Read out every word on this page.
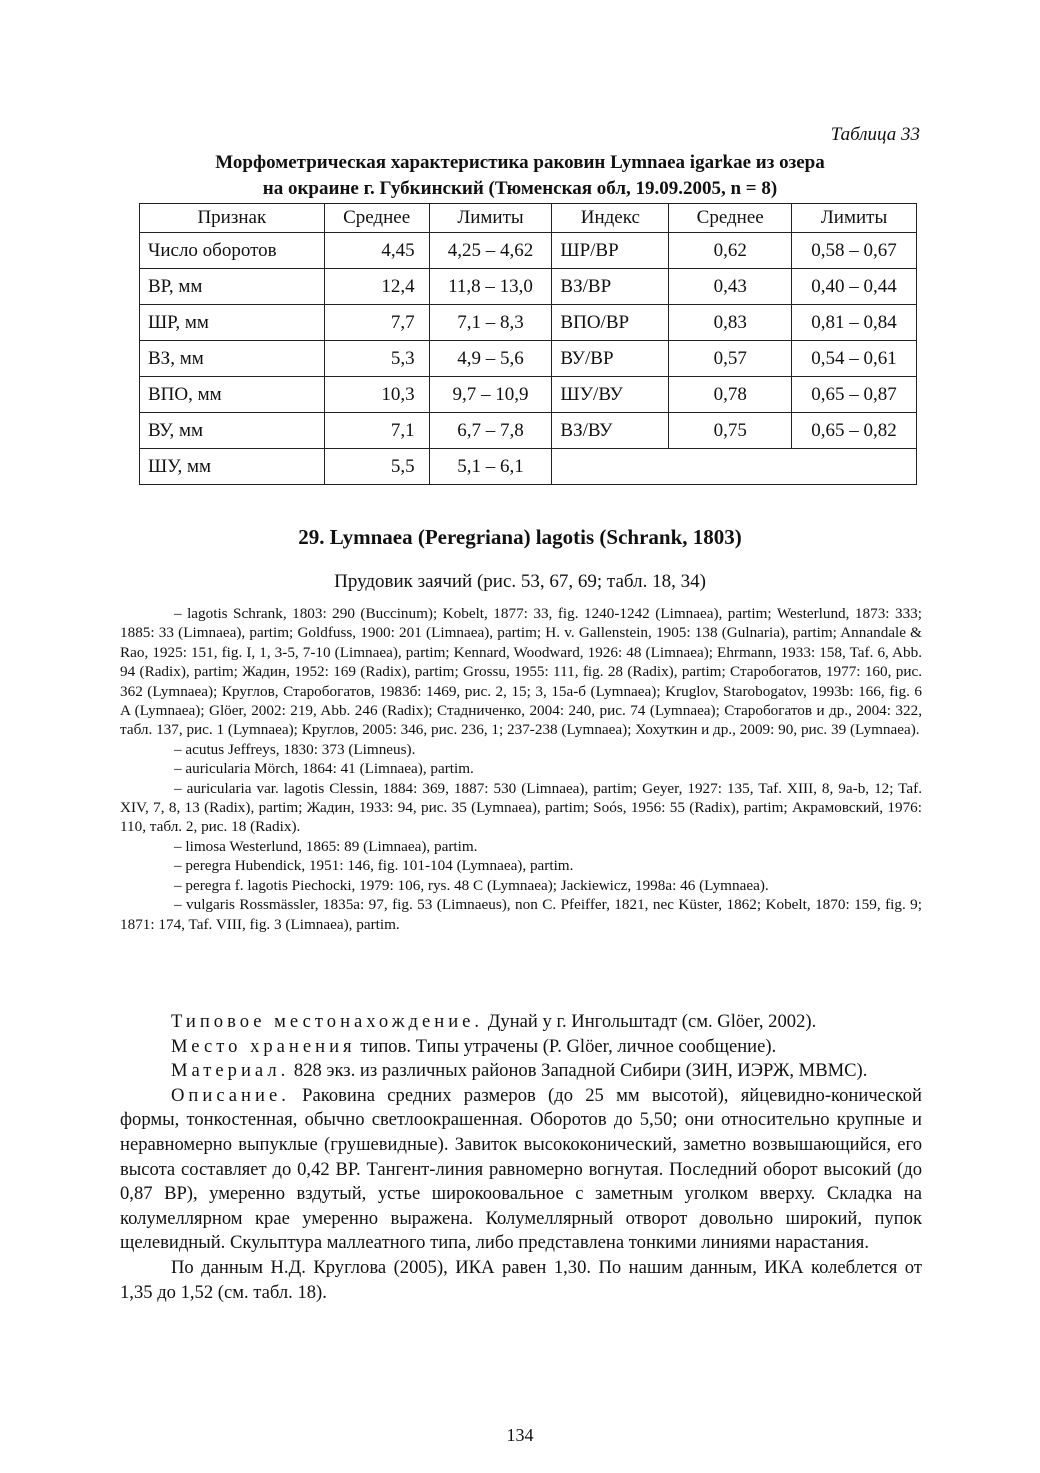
Таблица 33
Морфометрическая характеристика раковин Lymnaea igarkae из озера
на окраине г. Губкинский (Тюменская обл, 19.09.2005, n = 8)
Признак	Среднее	Лимиты	Индекс	Среднее	Лимиты
Число оборотов	4,45	4,25 – 4,62	ШР/ВР	0,62	0,58 – 0,67
ВР, мм	12,4	11,8 – 13,0	ВЗ/ВР	0,43	0,40 – 0,44
ШР, мм	7,7	7,1 – 8,3	ВПО/ВР	0,83	0,81 – 0,84
ВЗ, мм	5,3	4,9 – 5,6	ВУ/ВР	0,57	0,54 – 0,61
ВПО, мм	10,3	9,7 – 10,9	ШУ/ВУ	0,78	0,65 – 0,87
ВУ, мм	7,1	6,7 – 7,8	ВЗ/ВУ	0,75	0,65 – 0,82
ШУ, мм	5,5	5,1 – 6,1			
29. Lymnaea (Peregriana) lagotis (Schrank, 1803)
Прудовик заячий (рис. 53, 67, 69; табл. 18, 34)

– lagotis Schrank, 1803: 290 (Buccinum); Kobelt, 1877: 33, fig. 1240-1242 (Limnaea), partim; Westerlund, 1873: 333; 1885: 33 (Limnaea), partim; Goldfuss, 1900: 201 (Limnaea), partim; H. v. Gallenstein, 1905: 138 (Gulnaria), partim; Annandale & Rao, 1925: 151, fig. I, 1, 3-5, 7-10 (Limnaea), partim; Kennard, Woodward, 1926: 48 (Limnaea); Ehrmann, 1933: 158, Taf. 6, Abb. 94 (Radix), partim; Жадин, 1952: 169 (Radix), partim; Grossu, 1955: 111, fig. 28 (Radix), partim; Старобогатов, 1977: 160, рис. 362 (Lymnaea); Круглов, Старобогатов, 1983б: 1469, рис. 2, 15; 3, 15а-б (Lymnaea); Kruglov, Starobogatov, 1993b: 166, fig. 6 A (Lymnaea); Glöer, 2002: 219, Abb. 246 (Radix); Стадниченко, 2004: 240, рис. 74 (Lymnaea); Старобогатов и др., 2004: 322, табл. 137, рис. 1 (Lymnaea); Круглов, 2005: 346, рис. 236, 1; 237-238 (Lymnaea); Хохуткин и др., 2009: 90, рис. 39 (Lymnaea).

– acutus Jeffreys, 1830: 373 (Limneus).

– auricularia Mörch, 1864: 41 (Limnaea), partim.

– auricularia var. lagotis Clessin, 1884: 369, 1887: 530 (Limnaea), partim; Geyer, 1927: 135, Taf. XIII, 8, 9a-b, 12; Taf. XIV, 7, 8, 13 (Radix), partim; Жадин, 1933: 94, рис. 35 (Lymnaea), partim; Soós, 1956: 55 (Radix), partim; Акрамовский, 1976: 110, табл. 2, рис. 18 (Radix).

– limosa Westerlund, 1865: 89 (Limnaea), partim.

– peregra Hubendick, 1951: 146, fig. 101-104 (Lymnaea), partim.

– peregra f. lagotis Piechocki, 1979: 106, rys. 48 C (Lymnaea); Jackiewicz, 1998a: 46 (Lymnaea).

– vulgaris Rossmässler, 1835a: 97, fig. 53 (Limnaeus), non C. Pfeiffer, 1821, nec Küster, 1862; Kobelt, 1870: 159, fig. 9; 1871: 174, Taf. VIII, fig. 3 (Limnaea), partim.

Типовое местонахождение. Дунай у г. Ингольштадт (см. Glöer, 2002).

Место хранения типов. Типы утрачены (P. Glöer, личное сообщение).

Материал. 828 экз. из различных районов Западной Сибири (ЗИН, ИЭРЖ, МВМС).

Описание. Раковина средних размеров (до 25 мм высотой), яйцевидно-конической формы, тонкостенная, обычно светлоокрашенная. Оборотов до 5,50; они относительно крупные и неравномерно выпуклые (грушевидные). Завиток высококонический, заметно возвышающийся, его высота составляет до 0,42 ВР. Тангент-линия равномерно вогнутая. Последний оборот высокий (до 0,87 ВР), умеренно вздутый, устье широкоовальное с заметным уголком вверху. Складка на колумеллярном крае умеренно выражена. Колумеллярный отворот довольно широкий, пупок щелевидный. Скульптура маллеатного типа, либо представлена тонкими линиями нарастания.

По данным Н.Д. Круглова (2005), ИКА равен 1,30. По нашим данным, ИКА колеблется от 1,35 до 1,52 (см. табл. 18).

134
